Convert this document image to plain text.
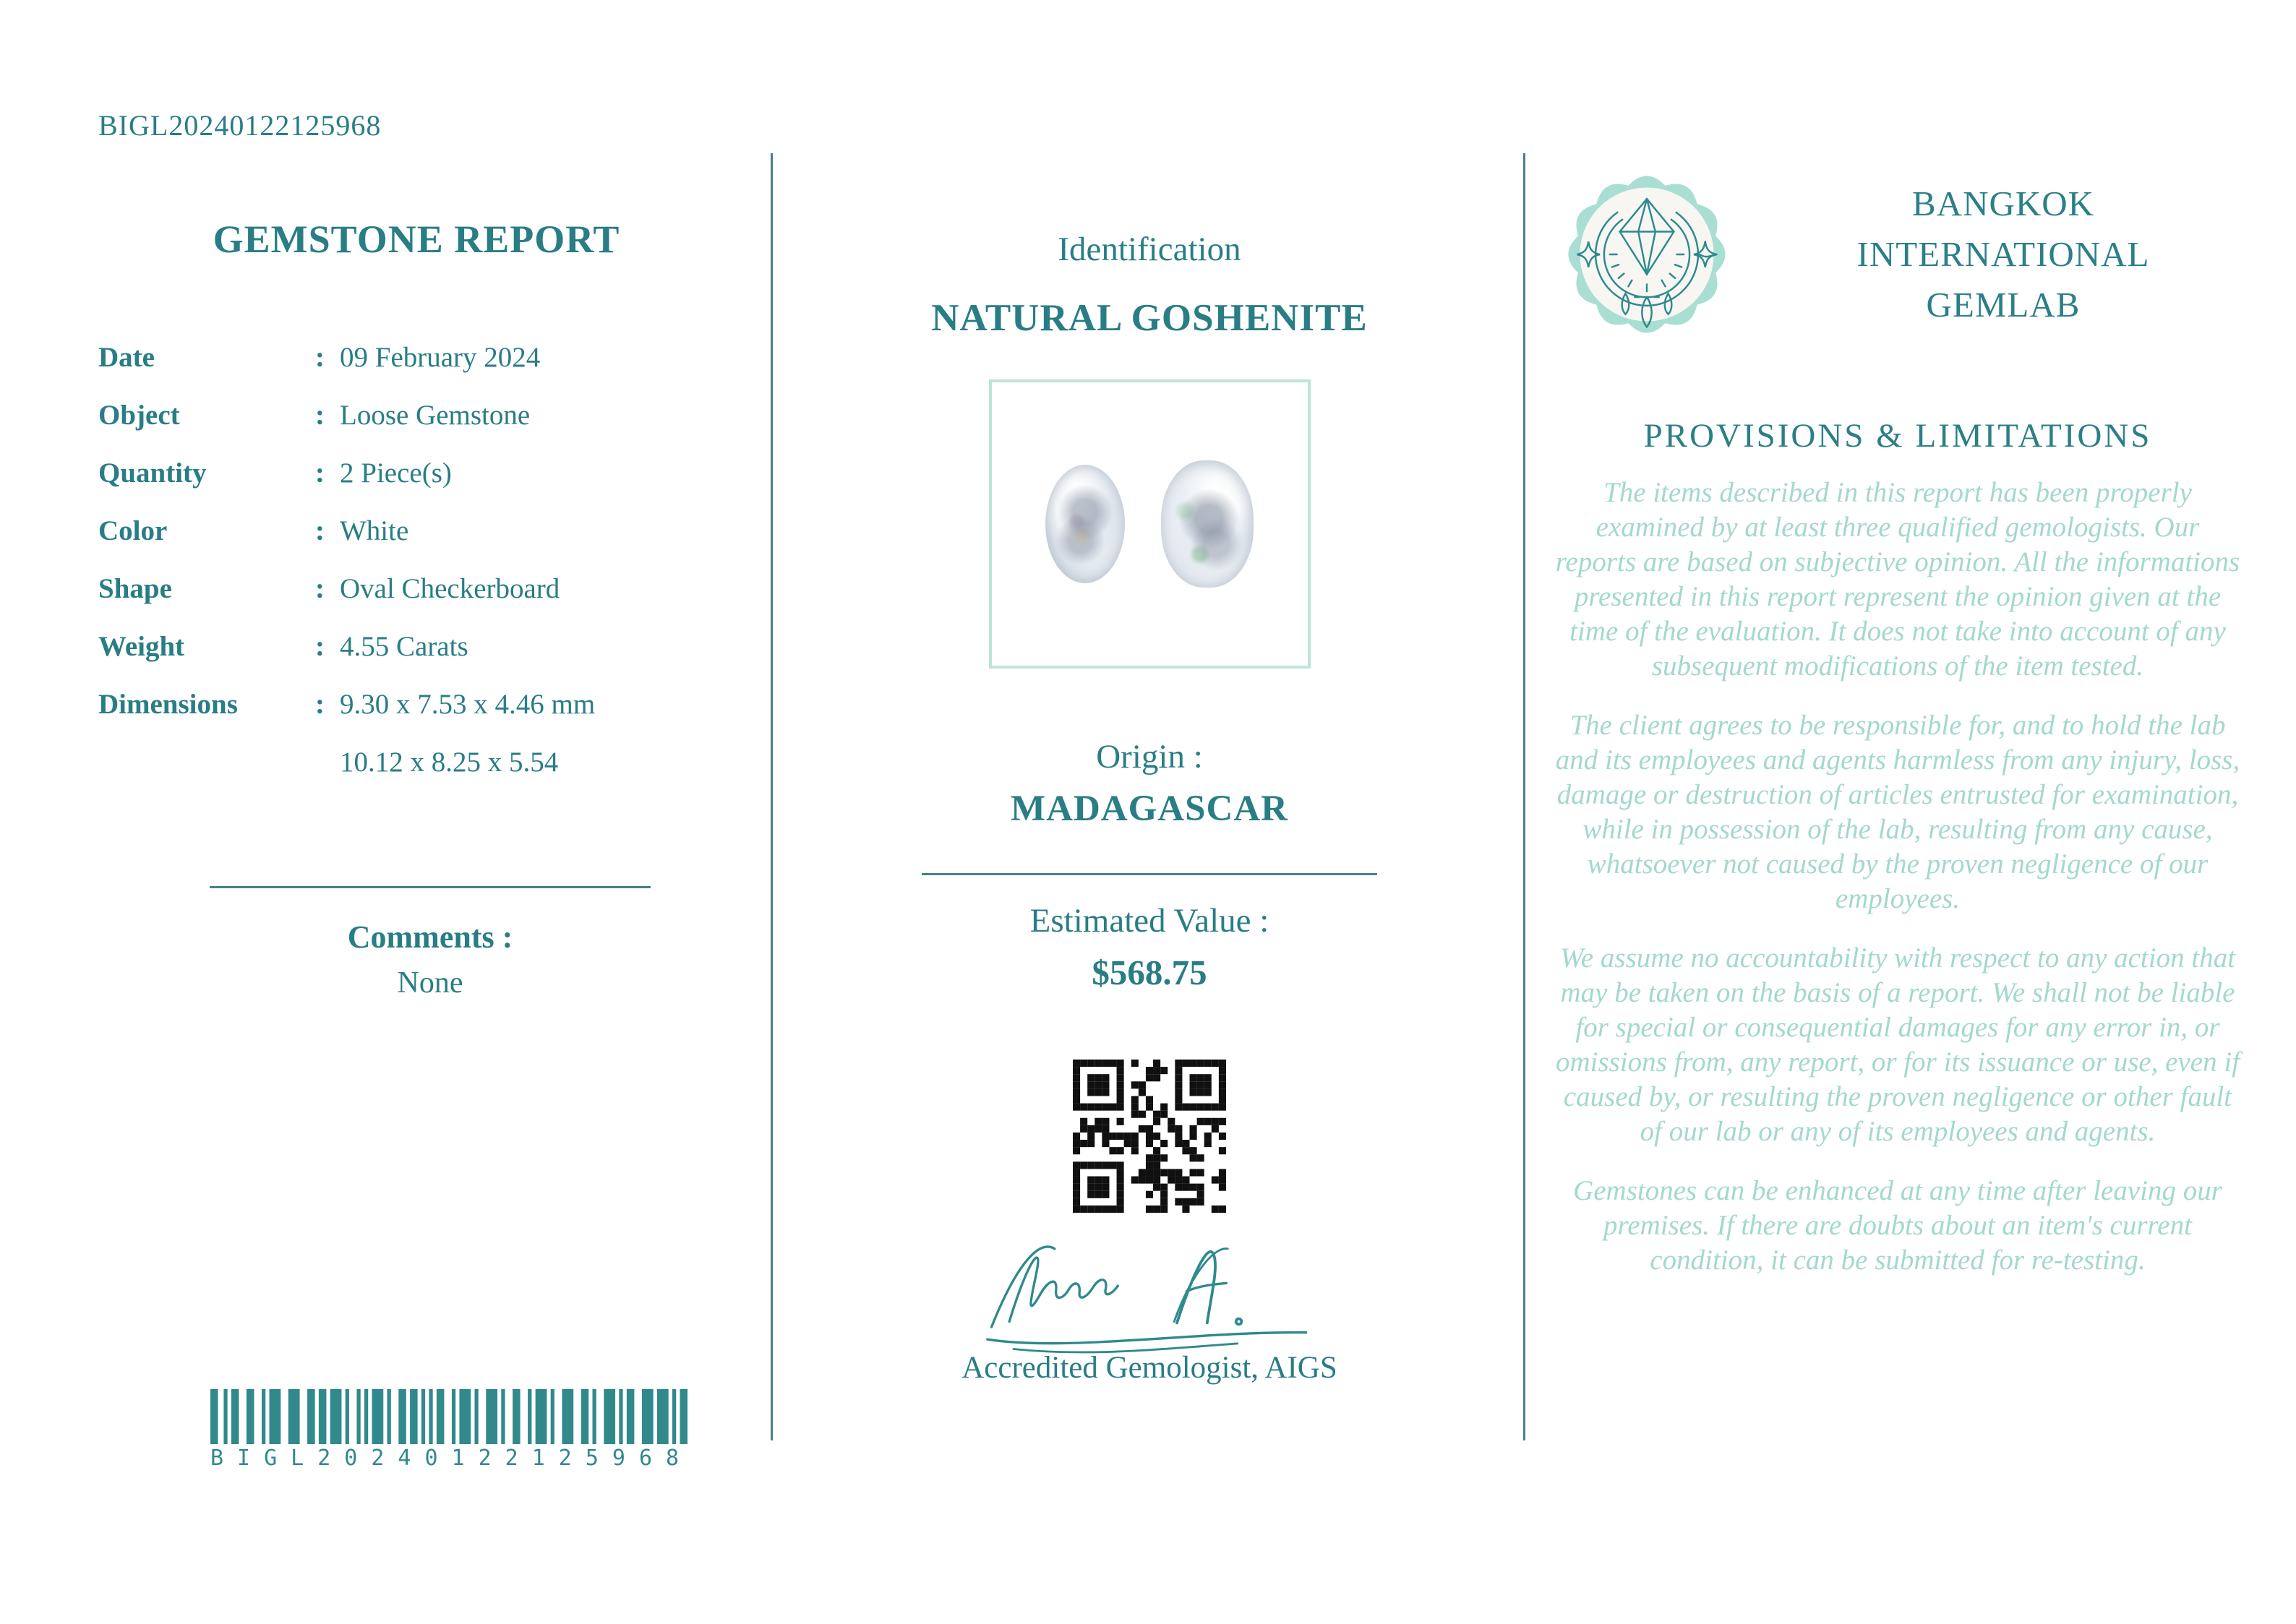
BIGL20240122125968
GEMSTONE REPORT
Date	: 09 February 2024
Object	: Loose Gemstone
Quantity	: 2 Piece(s)
Color	: White
Shape	: Oval Checkerboard
Weight	: 4.55 Carats
Dimensions	: 9.30 x 7.53 x 4.46 mm
10.12 x 8.25 x 5.54
Comments :
None
BIGL20240122125968
Identification
NATURAL GOSHENITE
Origin :
MADAGASCAR
Estimated Value :
$568.75
Accredited Gemologist, AIGS
BANGKOK
INTERNATIONAL
GEMLAB
PROVISIONS & LIMITATIONS

The items described in this report has been properly examined by at least three qualified gemologists. Our reports are based on subjective opinion. All the informations presented in this report represent the opinion given at the time of the evaluation. It does not take into account of any subsequent modifications of the item tested.

The client agrees to be responsible for, and to hold the lab and its employees and agents harmless from any injury, loss, damage or destruction of articles entrusted for examination, while in possession of the lab, resulting from any cause, whatsoever not caused by the proven negligence of our employees.

We assume no accountability with respect to any action that may be taken on the basis of a report. We shall not be liable for special or consequential damages for any error in, or omissions from, any report, or for its issuance or use, even if caused by, or resulting the proven negligence or other fault of our lab or any of its employees and agents.

Gemstones can be enhanced at any time after leaving our premises. If there are doubts about an item's current condition, it can be submitted for re-testing.
